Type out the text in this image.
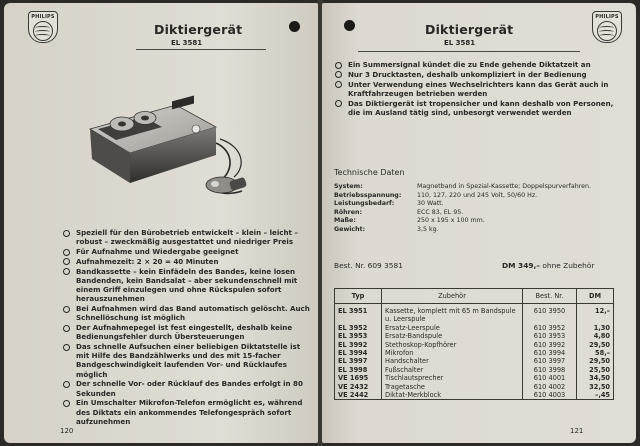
PHILIPS
Diktiergerät
EL 3581
Speziell für den Bürobetrieb entwickelt – klein – leicht – robust – zweckmäßig ausgestattet und niedriger Preis
Für Aufnahme und Wiedergabe geeignet
Aufnahmezeit: 2 × 20 = 40 Minuten
Bandkassette – kein Einfädeln des Bandes, keine losen Bandenden, kein Bandsalat – aber sekundenschnell mit einem Griff einzulegen und ohne Rückspulen sofort herauszunehmen
Bei Aufnahmen wird das Band automatisch gelöscht. Auch Schnellöschung ist möglich
Der Aufnahmepegel ist fest eingestellt, deshalb keine Bedienungsfehler durch Übersteuerungen
Das schnelle Aufsuchen einer beliebigen Diktatstelle ist mit Hilfe des Bandzählwerks und des mit 15-facher Bandgeschwindigkeit laufenden Vor- und Rücklaufes möglich
Der schnelle Vor- oder Rücklauf des Bandes erfolgt in 80 Sekunden
Ein Umschalter Mikrofon-Telefon ermöglicht es, während des Diktats ein ankommendes Telefongespräch sofort aufzunehmen
120
PHILIPS
Diktiergerät
EL 3581
Ein Summersignal kündet die zu Ende gehende Diktatzeit an
Nur 3 Drucktasten, deshalb unkompliziert in der Bedienung
Unter Verwendung eines Wechselrichters kann das Gerät auch in Kraftfahrzeugen betrieben werden
Das Diktiergerät ist tropensicher und kann deshalb von Personen, die im Ausland tätig sind, unbesorgt verwendet werden
Technische Daten
System:	Magnetband in Spezial-Kassette; Doppelspurverfahren.
Betriebsspannung:	110, 127, 220 und 245 Volt, 50/60 Hz.
Leistungsbedarf:	30 Watt.
Röhren:	ECC 83, EL 95.
Maße:	250 x 195 x 100 mm.
Gewicht:	3,5 kg.
Best. Nr. 609 3581	DM 349,– ohne Zubehör
Typ	Zubehör	Best. Nr.	DM
EL 3951	Kassette, komplett mit 65 m Bandspule u. Leerspule	610 3950	12,–
EL 3952	Ersatz-Leerspule	610 3952	1,30
EL 3953	Ersatz-Bandspule	610 3953	4,80
EL 3992	Stethoskop-Kopfhörer	610 3992	29,50
EL 3994	Mikrofon	610 3994	58,–
EL 3997	Handschalter	610 3997	29,50
EL 3998	Fußschalter	610 3998	25,50
VE 1695	Tischlautsprecher	610 4001	34,50
VE 2432	Tragetasche	610 4002	32,50
VE 2442	Diktat-Merkblock	610 4003	–,45
121
